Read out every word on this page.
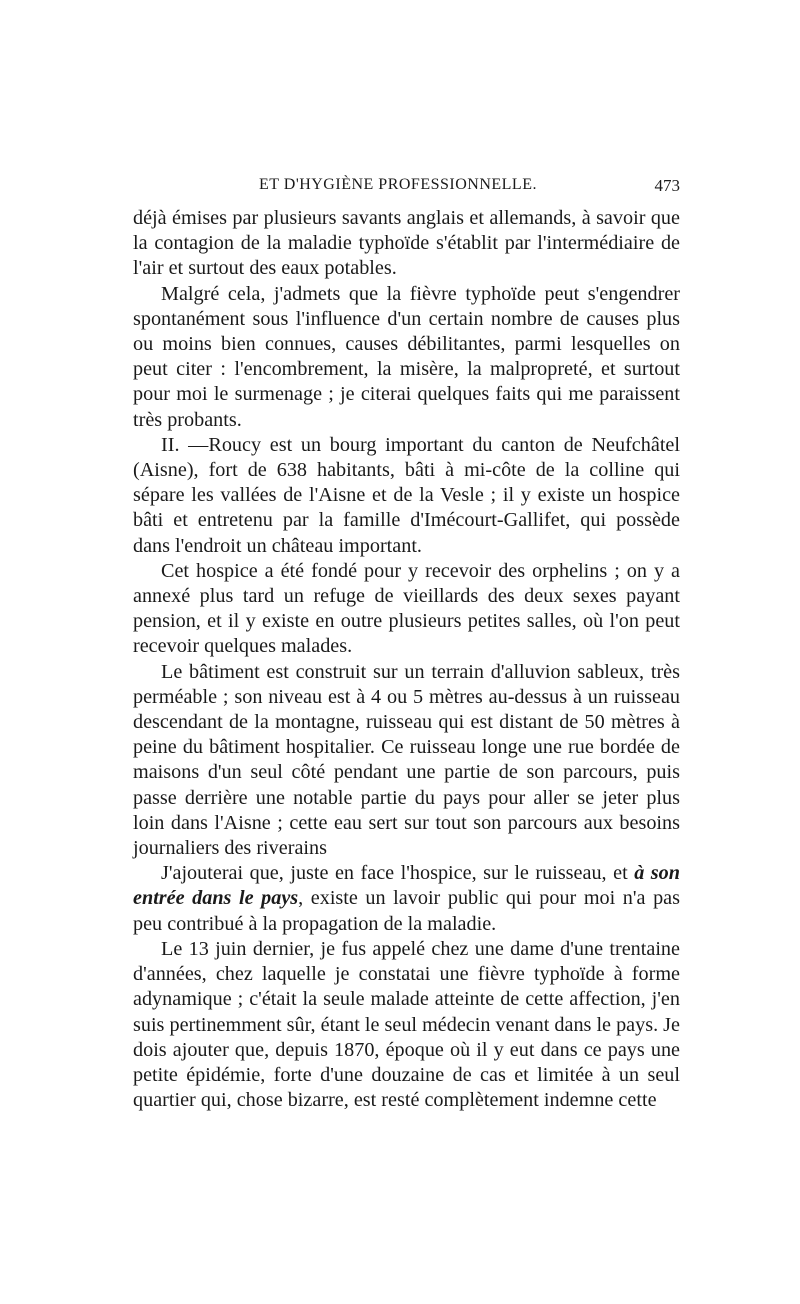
ET D'HYGIÈNE PROFESSIONNELLE.	473

déjà émises par plusieurs savants anglais et allemands, à savoir que la contagion de la maladie typhoïde s'établit par l'intermédiaire de l'air et surtout des eaux potables.

Malgré cela, j'admets que la fièvre typhoïde peut s'engendrer spontanément sous l'influence d'un certain nombre de causes plus ou moins bien connues, causes débilitantes, parmi lesquelles on peut citer : l'encombrement, la misère, la malpropreté, et surtout pour moi le surmenage ; je citerai quelques faits qui me paraissent très probants.

II. —Roucy est un bourg important du canton de Neufchâtel (Aisne), fort de 638 habitants, bâti à mi-côte de la colline qui sépare les vallées de l'Aisne et de la Vesle ; il y existe un hospice bâti et entretenu par la famille d'Imécourt-Gallifet, qui possède dans l'endroit un château important.

Cet hospice a été fondé pour y recevoir des orphelins ; on y a annexé plus tard un refuge de vieillards des deux sexes payant pension, et il y existe en outre plusieurs petites salles, où l'on peut recevoir quelques malades.

Le bâtiment est construit sur un terrain d'alluvion sableux, très perméable ; son niveau est à 4 ou 5 mètres au-dessus à un ruisseau descendant de la montagne, ruisseau qui est distant de 50 mètres à peine du bâtiment hospitalier. Ce ruisseau longe une rue bordée de maisons d'un seul côté pendant une partie de son parcours, puis passe derrière une notable partie du pays pour aller se jeter plus loin dans l'Aisne ; cette eau sert sur tout son parcours aux besoins journaliers des riverains

J'ajouterai que, juste en face l'hospice, sur le ruisseau, et à son entrée dans le pays, existe un lavoir public qui pour moi n'a pas peu contribué à la propagation de la maladie.

Le 13 juin dernier, je fus appelé chez une dame d'une trentaine d'années, chez laquelle je constatai une fièvre typhoïde à forme adynamique ; c'était la seule malade atteinte de cette affection, j'en suis pertinemment sûr, étant le seul médecin venant dans le pays. Je dois ajouter que, depuis 1870, époque où il y eut dans ce pays une petite épidémie, forte d'une douzaine de cas et limitée à un seul quartier qui, chose bizarre, est resté complètement indemne cette
